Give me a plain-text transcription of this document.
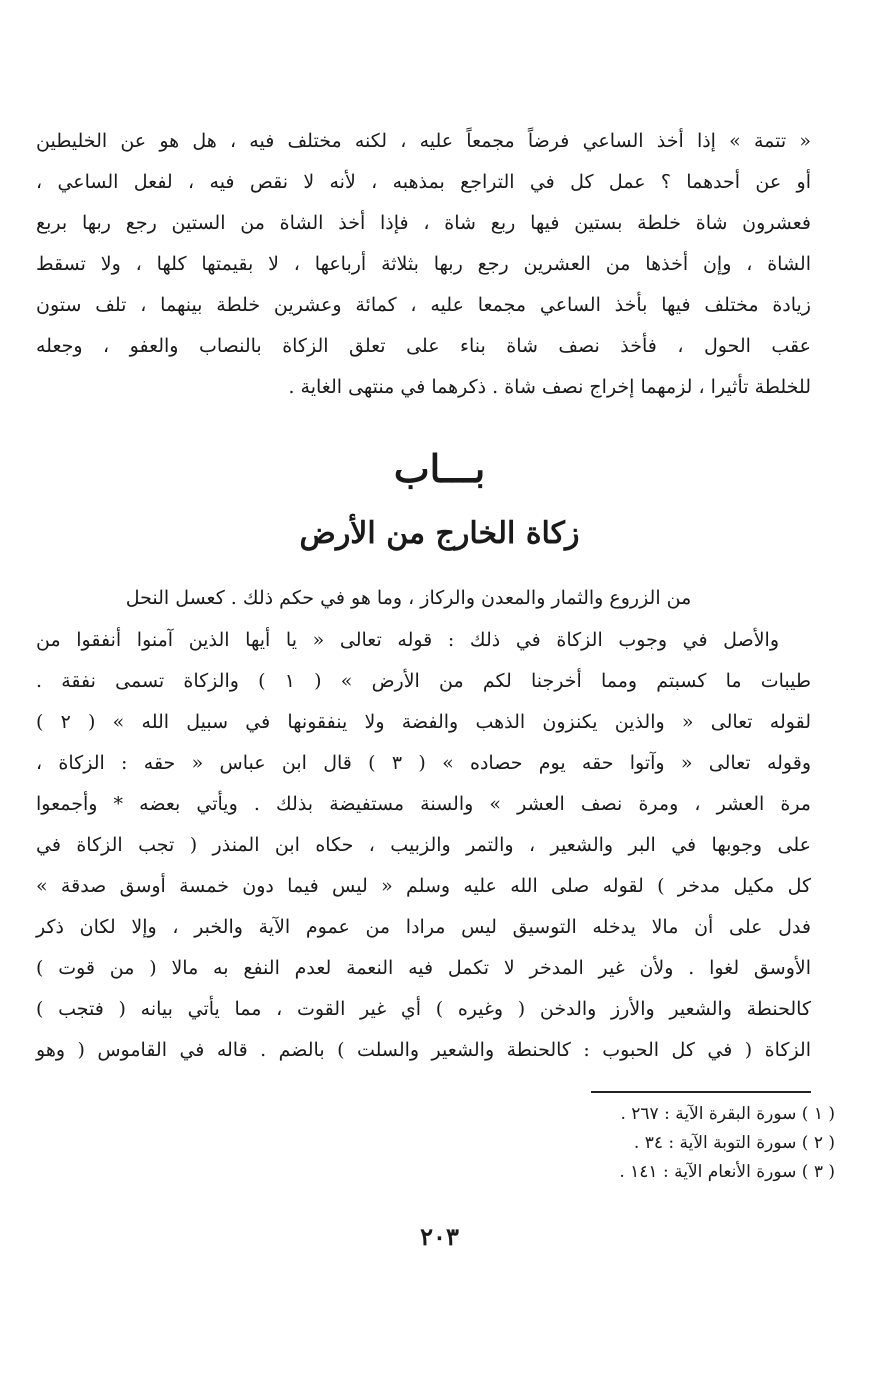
« تتمة » إذا أخذ الساعي فرضاً مجمعاً عليه ، لكنه مختلف فيه ، هل هو عن الخليطين
أو عن أحدهما ؟ عمل كل في التراجع بمذهبه ، لأنه لا نقص فيه ، لفعل الساعي ،
فعشرون شاة خلطة بستين فيها ربع شاة ، فإذا أخذ الشاة من الستين رجع ربها بربع
الشاة ، وإن أخذها من العشرين رجع ربها بثلاثة أرباعها ، لا بقيمتها كلها ، ولا تسقط
زيادة مختلف فيها بأخذ الساعي مجمعا عليه ، كمائة وعشرين خلطة بينهما ، تلف ستون
عقب الحول ، فأخذ نصف شاة بناء على تعلق الزكاة بالنصاب والعفو ، وجعله
للخلطة تأثيرا ، لزمهما إخراج نصف شاة . ذكرهما في منتهى الغاية .
بـــاب
زكاة الخارج من الأرض
من الزروع والثمار والمعدن والركاز ، وما هو في حكم ذلك . كعسل النحل
والأصل في وجوب الزكاة في ذلك : قوله تعالى « يا أيها الذين آمنوا أنفقوا من
طيبات ما كسبتم ومما أخرجنا لكم من الأرض » ( ١ ) والزكاة تسمى نفقة .
لقوله تعالى « والذين يكنزون الذهب والفضة ولا ينفقونها في سبيل الله » ( ٢ )
وقوله تعالى « وآتوا حقه يوم حصاده » ( ٣ ) قال ابن عباس « حقه : الزكاة ،
مرة العشر ، ومرة نصف العشر » والسنة مستفيضة بذلك . ويأتي بعضه * وأجمعوا
على وجوبها في البر والشعير ، والتمر والزبيب ، حكاه ابن المنذر ( تجب الزكاة في
كل مكيل مدخر ) لقوله صلى الله عليه وسلم « ليس فيما دون خمسة أوسق صدقة »
فدل على أن مالا يدخله التوسيق ليس مرادا من عموم الآية والخبر ، وإلا لكان ذكر
الأوسق لغوا . ولأن غير المدخر لا تكمل فيه النعمة لعدم النفع به مالا ( من قوت )
كالحنطة والشعير والأرز والدخن ( وغيره ) أي غير القوت ، مما يأتي بيانه ( فتجب )
الزكاة ( في كل الحبوب : كالحنطة والشعير والسلت ) بالضم . قاله في القاموس ( وهو
( ١ ) سورة البقرة الآية : ٢٦٧ .
( ٢ ) سورة التوبة الآية : ٣٤ .
( ٣ ) سورة الأنعام الآية : ١٤١ .
٢٠٣
